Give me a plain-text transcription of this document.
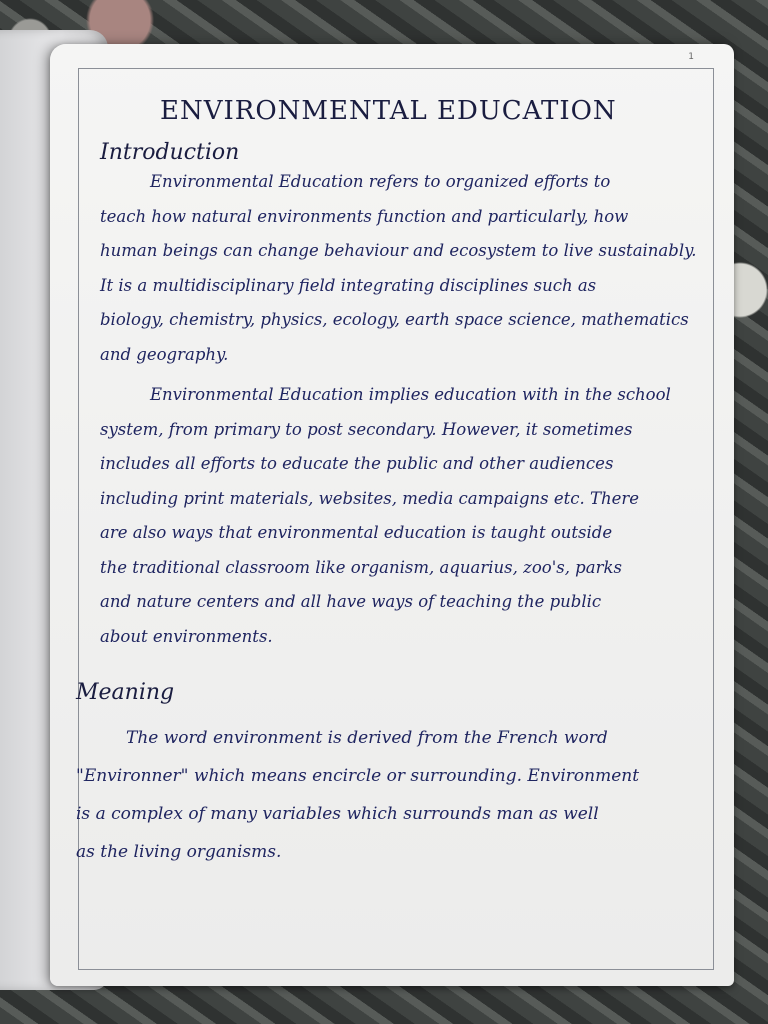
1
ENVIRONMENTAL EDUCATION
Introduction

Environmental Education refers to organized efforts to

teach how natural environments function and particularly, how

human beings can change behaviour and ecosystem to live sustainably.

It is a multidisciplinary field integrating disciplines such as

biology, chemistry, physics, ecology, earth space science, mathematics

and geography.

Environmental Education implies education with in the school

system, from primary to post secondary. However, it sometimes

includes all efforts to educate the public and other audiences

including print materials, websites, media campaigns etc. There

are also ways that environmental education is taught outside

the traditional classroom like organism, aquarius, zoo's, parks

and nature centers and all have ways of teaching the public

about environments.

Meaning

The word environment is derived from the French word

"Environner" which means encircle or surrounding. Environment

is a complex of many variables which surrounds man as well

as the living organisms.
